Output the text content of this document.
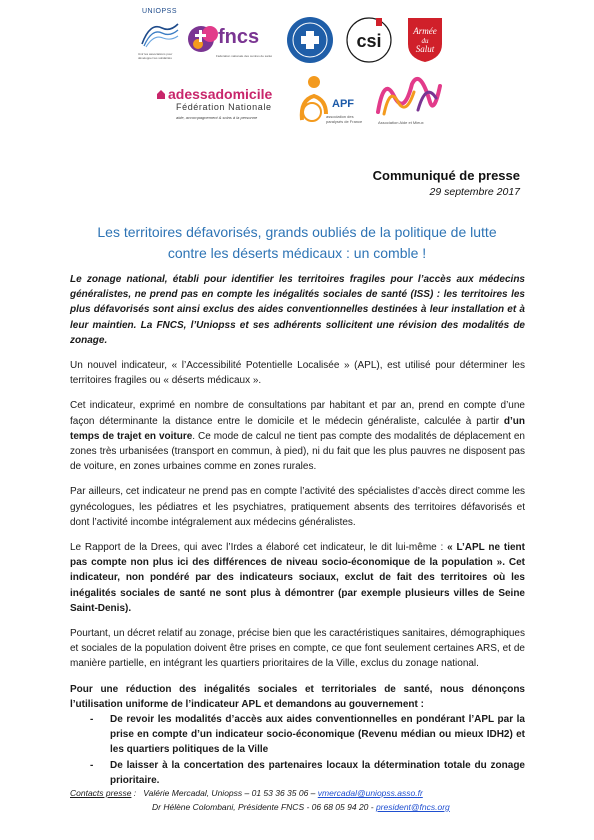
UNIOPSS
Unir les associations pour développer les solidarités
fncs
Fédération nationale des centres de santé
csi	Armée
du
Salut
adessadomicile
Fédération Nationale
aide, accompagnement & soins à la personne
APF
association des paralysés de France	Association Aide et Mieux
Communiqué de presse
29 septembre 2017
Les territoires défavorisés, grands oubliés de la politique de lutte
contre les déserts médicaux : un comble !

Le zonage national, établi pour identifier les territoires fragiles pour l’accès aux médecins généralistes, ne prend pas en compte les inégalités sociales de santé (ISS) : les territoires les plus défavorisés sont ainsi exclus des aides conventionnelles destinées à leur installation et à leur maintien. La FNCS, l’Uniopss et ses adhérents sollicitent une révision des modalités de zonage.

Un nouvel indicateur, « l’Accessibilité Potentielle Localisée » (APL), est utilisé pour déterminer les territoires fragiles ou « déserts médicaux ».

Cet indicateur, exprimé en nombre de consultations par habitant et par an, prend en compte d’une façon déterminante la distance entre le domicile et le médecin généraliste, calculée à partir d’un temps de trajet en voiture. Ce mode de calcul ne tient pas compte des modalités de déplacement en zones très urbanisées (transport en commun, à pied), ni du fait que les plus pauvres ne disposent pas de voiture, en zones urbaines comme en zones rurales.

Par ailleurs, cet indicateur ne prend pas en compte l’activité des spécialistes d’accès direct comme les gynécologues, les pédiatres et les psychiatres, pratiquement absents des territoires défavorisés et dont l’activité incombe intégralement aux médecins généralistes.

Le Rapport de la Drees, qui avec l’Irdes a élaboré cet indicateur, le dit lui-même : « L’APL ne tient pas compte non plus ici des différences de niveau socio-économique de la population ». Cet indicateur, non pondéré par des indicateurs sociaux, exclut de fait des territoires où les inégalités sociales de santé ne sont plus à démontrer (par exemple plusieurs villes de Seine Saint-Denis).

Pourtant, un décret relatif au zonage, précise bien que les caractéristiques sanitaires, démographiques et sociales de la population doivent être prises en compte, ce que font seulement certaines ARS, et de manière partielle, en intégrant les quartiers prioritaires de la Ville, exclus du zonage national.

Pour une réduction des inégalités sociales et territoriales de santé, nous dénonçons l’utilisation uniforme de l’indicateur APL et demandons au gouvernement :

- De revoir les modalités d’accès aux aides conventionnelles en pondérant l’APL par la prise en compte d’un indicateur socio-économique (Revenu médian ou mieux IDH2) et les quartiers politiques de la Ville
- De laisser à la concertation des partenaires locaux la détermination totale du zonage prioritaire.
Contacts presse :   Valérie Mercadal, Uniopss – 01 53 36 35 06 – vmercadal@uniopss.asso.fr
Dr Hélène Colombani, Présidente FNCS - 06 68 05 94 20 - president@fncs.org
